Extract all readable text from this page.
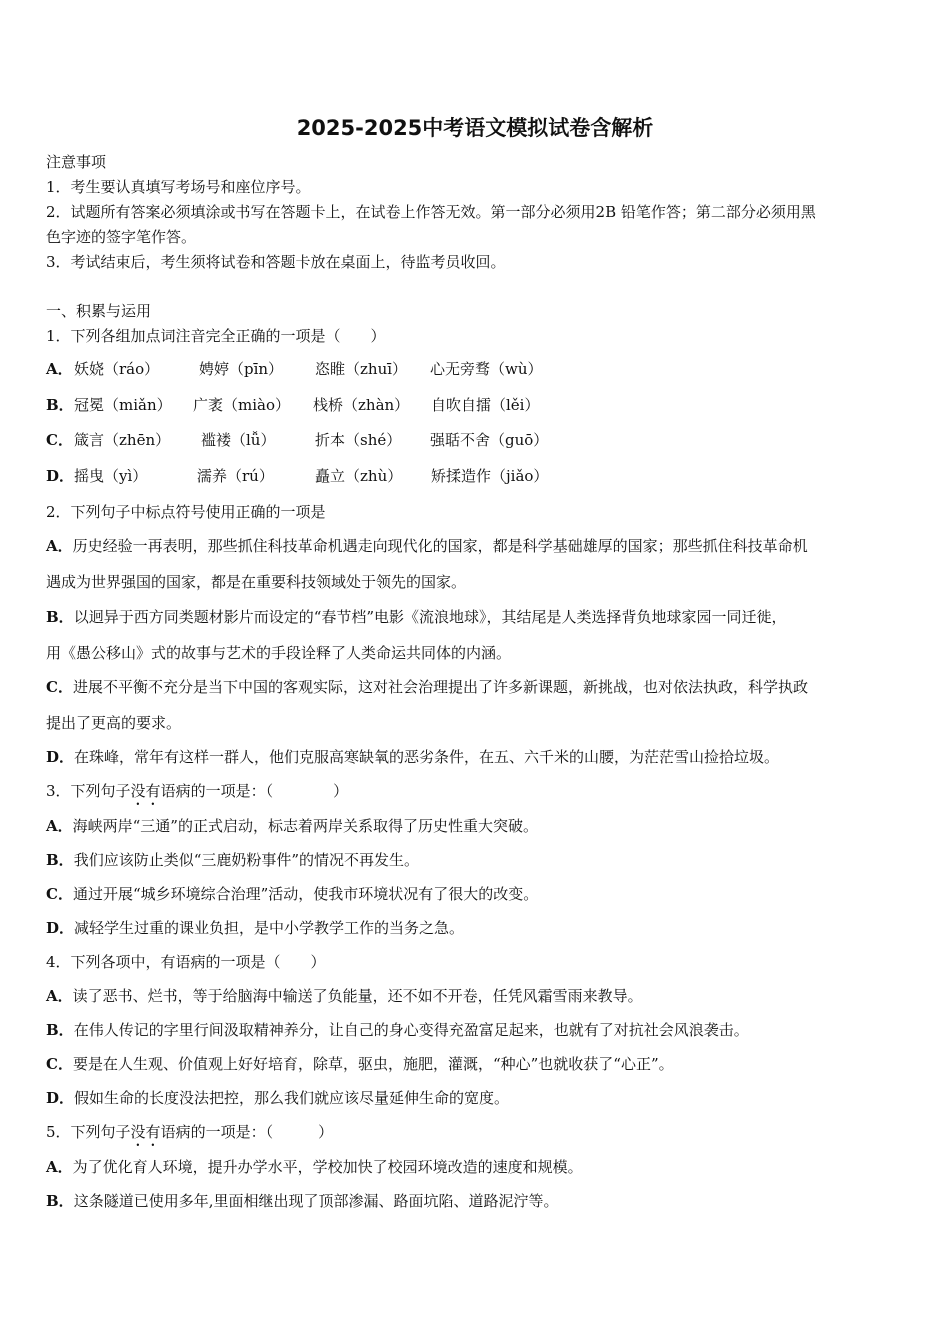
2025-2025中考语文模拟试卷含解析
注意事项
1．考生要认真填写考场号和座位序号。
2．试题所有答案必须填涂或书写在答题卡上，在试卷上作答无效。第一部分必须用2B 铅笔作答；第二部分必须用黑
色字迹的签字笔作答。
3．考试结束后，考生须将试卷和答题卡放在桌面上，待监考员收回。
一、积累与运用
1．下列各组加点词注音完全正确的一项是（　　）
A． 妖娆（ráo）	娉婷（pīn） 恣睢（zhuī） 心无旁骛（wù）
B． 冠冕（miǎn） 广袤（miào） 栈桥（zhàn） 自吹自擂（lěi）
C． 箴言（zhēn） 褴褛（lǚ）	折本（shé） 强聒不舍（guō）
D． 摇曳（yì）	濡养（rú）	矗立（zhù） 矫揉造作（jiǎo）
2．下列句子中标点符号使用正确的一项是
A．历史经验一再表明，那些抓住科技革命机遇走向现代化的国家，都是科学基础雄厚的国家；那些抓住科技革命机
遇成为世界强国的国家，都是在重要科技领域处于领先的国家。
B．以迥异于西方同类题材影片而设定的“春节档”电影《流浪地球》，其结尾是人类选择背负地球家园一同迁徙，
用《愚公移山》式的故事与艺术的手段诠释了人类命运共同体的内涵。
C．进展不平衡不充分是当下中国的客观实际，这对社会治理提出了许多新课题，新挑战，也对依法执政，科学执政
提出了更高的要求。
D．在珠峰，常年有这样一群人，他们克服高寒缺氧的恶劣条件，在五、六千米的山腰，为茫茫雪山捡拾垃圾。
3．下列句子没有语病的一项是：（　　　　）
A．海峡两岸“三通”的正式启动，标志着两岸关系取得了历史性重大突破。
B．我们应该防止类似“三鹿奶粉事件”的情况不再发生。
C．通过开展“城乡环境综合治理”活动，使我市环境状况有了很大的改变。
D．减轻学生过重的课业负担，是中小学教学工作的当务之急。
4．下列各项中，有语病的一项是（　　）
A．读了恶书、烂书，等于给脑海中输送了负能量，还不如不开卷，任凭风霜雪雨来教导。
B．在伟人传记的字里行间汲取精神养分，让自己的身心变得充盈富足起来，也就有了对抗社会风浪袭击。
C．要是在人生观、价值观上好好培育，除草，驱虫，施肥，灌溉，“种心”也就收获了“心正”。
D．假如生命的长度没法把控，那么我们就应该尽量延伸生命的宽度。
5．下列句子没有语病的一项是：（　　　）
A．为了优化育人环境，提升办学水平，学校加快了校园环境改造的速度和规模。
B．这条隧道已使用多年,里面相继出现了顶部渗漏、路面坑陷、道路泥泞等。
